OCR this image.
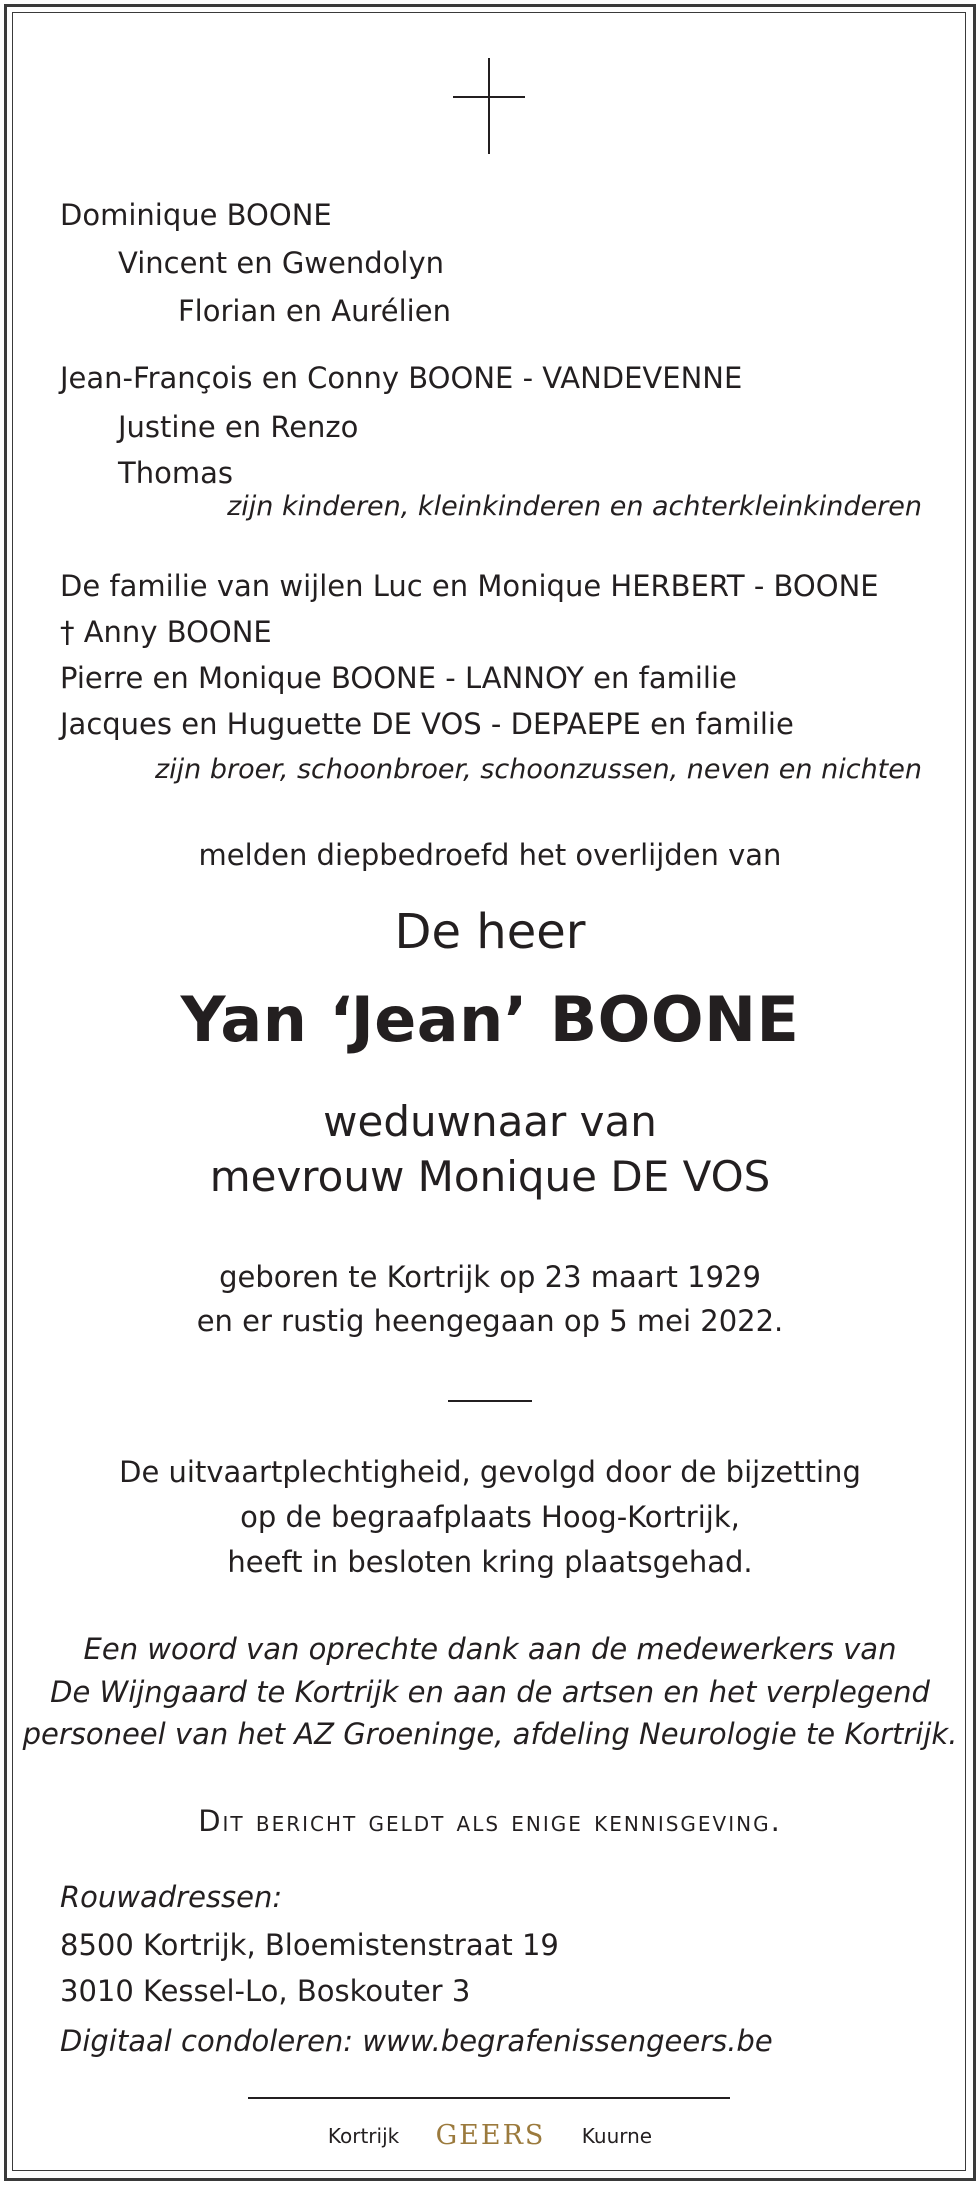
Dominique BOONE
Vincent en Gwendolyn
Florian en Aurélien
Jean-François en Conny BOONE - VANDEVENNE
Justine en Renzo
Thomas
zijn kinderen, kleinkinderen en achterkleinkinderen
De familie van wijlen Luc en Monique HERBERT - BOONE
† Anny BOONE
Pierre en Monique BOONE - LANNOY en familie
Jacques en Huguette DE VOS - DEPAEPE en familie
zijn broer, schoonbroer, schoonzussen, neven en nichten
melden diepbedroefd het overlijden van
De heer
Yan ‘Jean’ BOONE
weduwnaar van
mevrouw Monique DE VOS
geboren te Kortrijk op 23 maart 1929
en er rustig heengegaan op 5 mei 2022.
De uitvaartplechtigheid, gevolgd door de bijzetting
op de begraafplaats Hoog-Kortrijk,
heeft in besloten kring plaatsgehad.
Een woord van oprechte dank aan de medewerkers van
De Wijngaard te Kortrijk en aan de artsen en het verplegend
personeel van het AZ Groeninge, afdeling Neurologie te Kortrijk.
Dit bericht geldt als enige kennisgeving.
Rouwadressen:
8500 Kortrijk, Bloemistenstraat 19
3010 Kessel-Lo, Boskouter 3
Digitaal condoleren: www.begrafenissengeers.be
Kortrijk GEERS Kuurne
